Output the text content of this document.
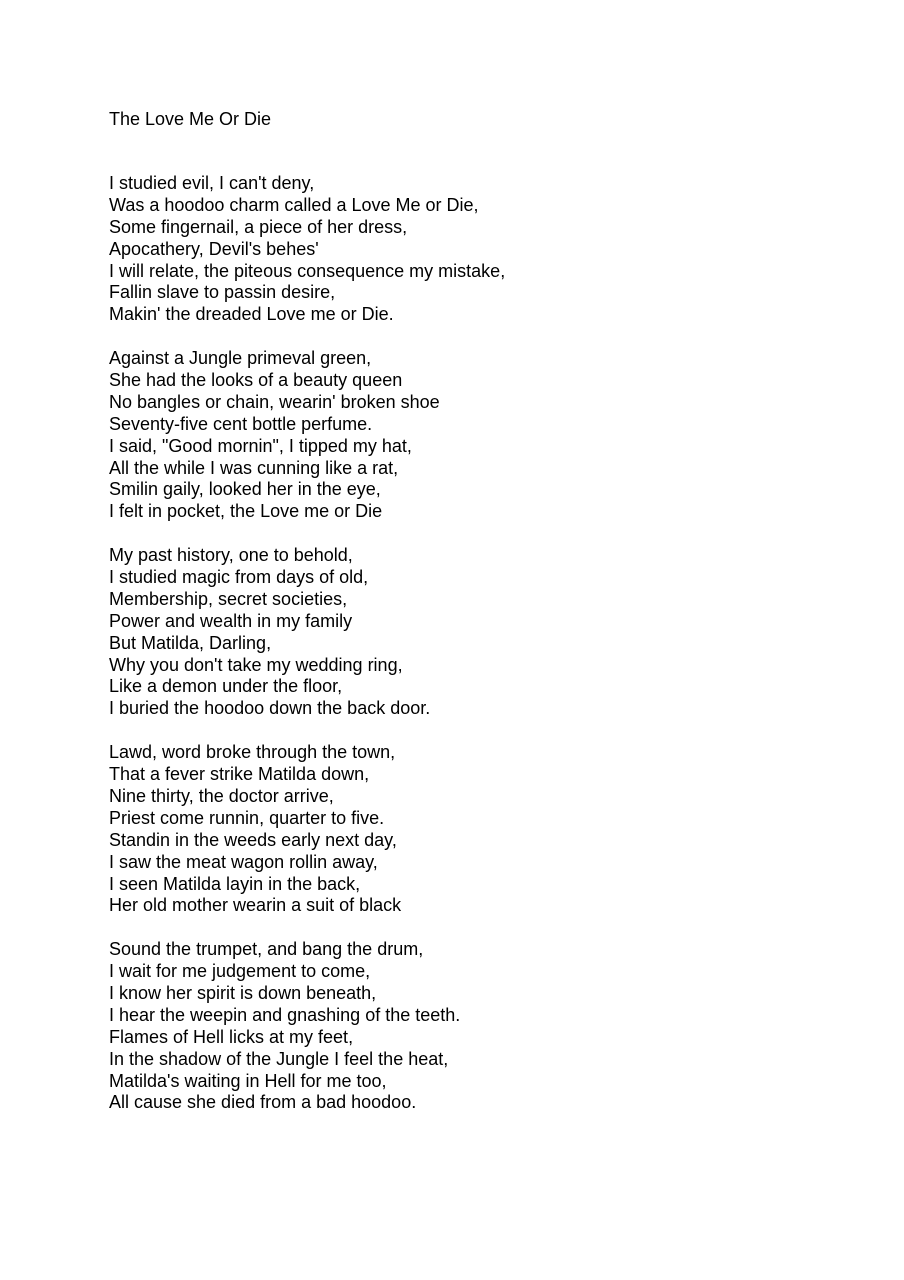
The Love Me Or Die
I studied evil, I can't deny,
Was a hoodoo charm called a Love Me or Die,
Some fingernail, a piece of her dress,
Apocathery, Devil's behes'
I will relate, the piteous consequence my mistake,
Fallin slave to passin desire,
Makin' the dreaded Love me or Die.
Against a Jungle primeval green,
She had the looks of a beauty queen
No bangles or chain, wearin' broken shoe
Seventy-five cent bottle perfume.
I said, "Good mornin", I tipped my hat,
All the while I was cunning like a rat,
Smilin gaily, looked her in the eye,
I felt in pocket, the Love me or Die
My past history, one to behold,
I studied magic from days of old,
Membership, secret societies,
Power and wealth in my family
But Matilda, Darling,
Why you don't take my wedding ring,
Like a demon under the floor,
I buried the hoodoo down the back door.
Lawd, word broke through the town,
That a fever strike Matilda down,
Nine thirty, the doctor arrive,
Priest come runnin, quarter to five.
Standin in the weeds early next day,
I saw the meat wagon rollin away,
I seen Matilda layin in the back,
Her old mother wearin a suit of black
Sound the trumpet, and bang the drum,
I wait for me judgement to come,
I know her spirit is down beneath,
I hear the weepin and gnashing of the teeth.
Flames of Hell licks at my feet,
In the shadow of the Jungle I feel the heat,
Matilda's waiting in Hell for me too,
All cause she died from a bad hoodoo.
